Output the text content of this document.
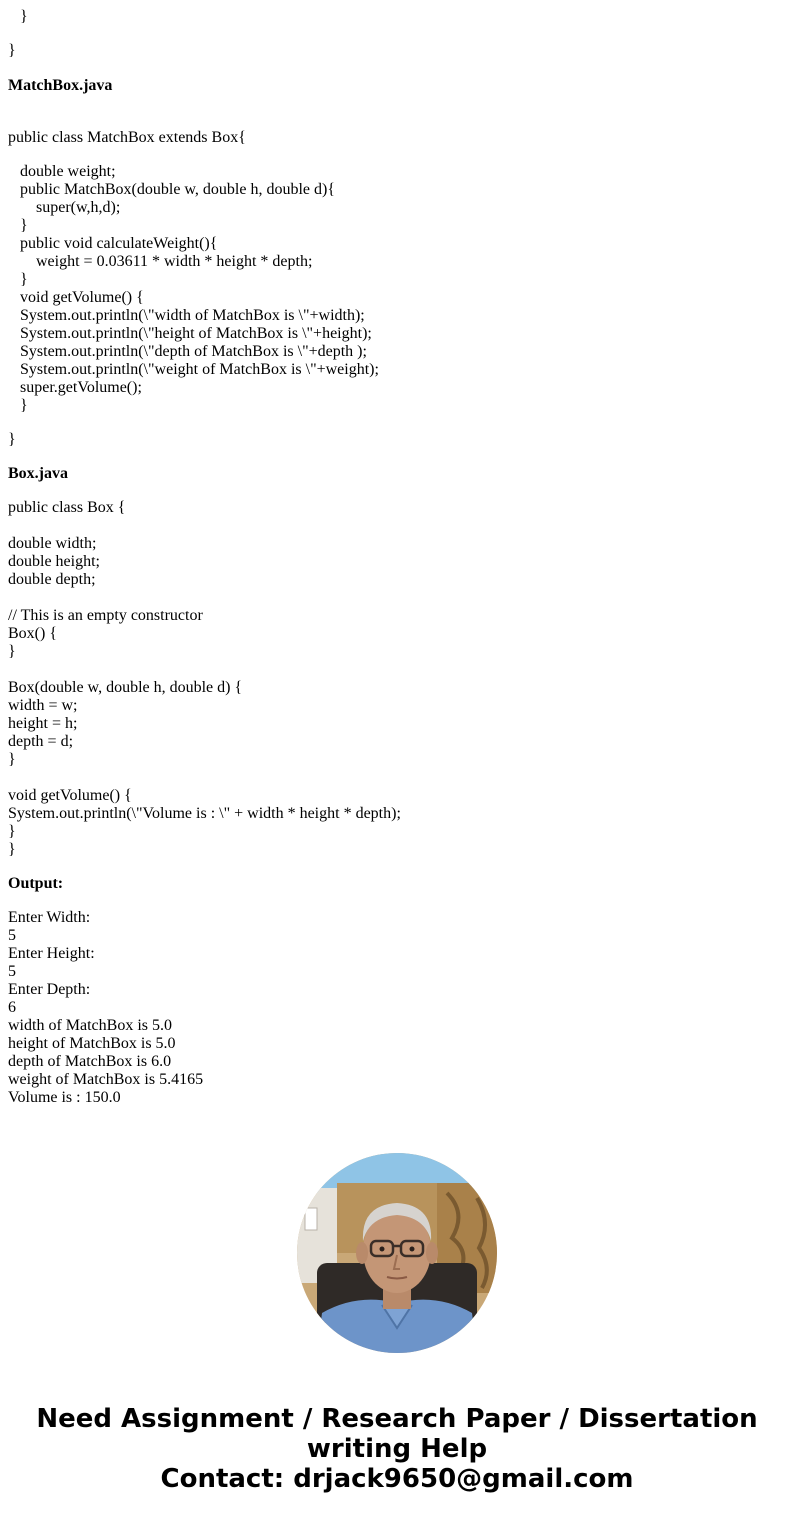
}
}
MatchBox.java
public class MatchBox extends Box{
double weight;
public MatchBox(double w, double h, double d){
super(w,h,d);
}
public void calculateWeight(){
weight = 0.03611 * width * height * depth;
}
void getVolume() {
System.out.println(\"width of MatchBox is \"+width);
System.out.println(\"height of MatchBox is \"+height);
System.out.println(\"depth of MatchBox is \"+depth );
System.out.println(\"weight of MatchBox is \"+weight);
super.getVolume();
}
}
Box.java
public class Box {
double width;
double height;
double depth;
// This is an empty constructor
Box() {
}
Box(double w, double h, double d) {
width = w;
height = h;
depth = d;
}
void getVolume() {
System.out.println(\"Volume is : \" + width * height * depth);
}
}
Output:
Enter Width:
5
Enter Height:
5
Enter Depth:
6
width of MatchBox is 5.0
height of MatchBox is 5.0
depth of MatchBox is 6.0
weight of MatchBox is 5.4165
Volume is : 150.0
Need Assignment / Research Paper / Dissertation
writing Help
Contact: drjack9650@gmail.com
